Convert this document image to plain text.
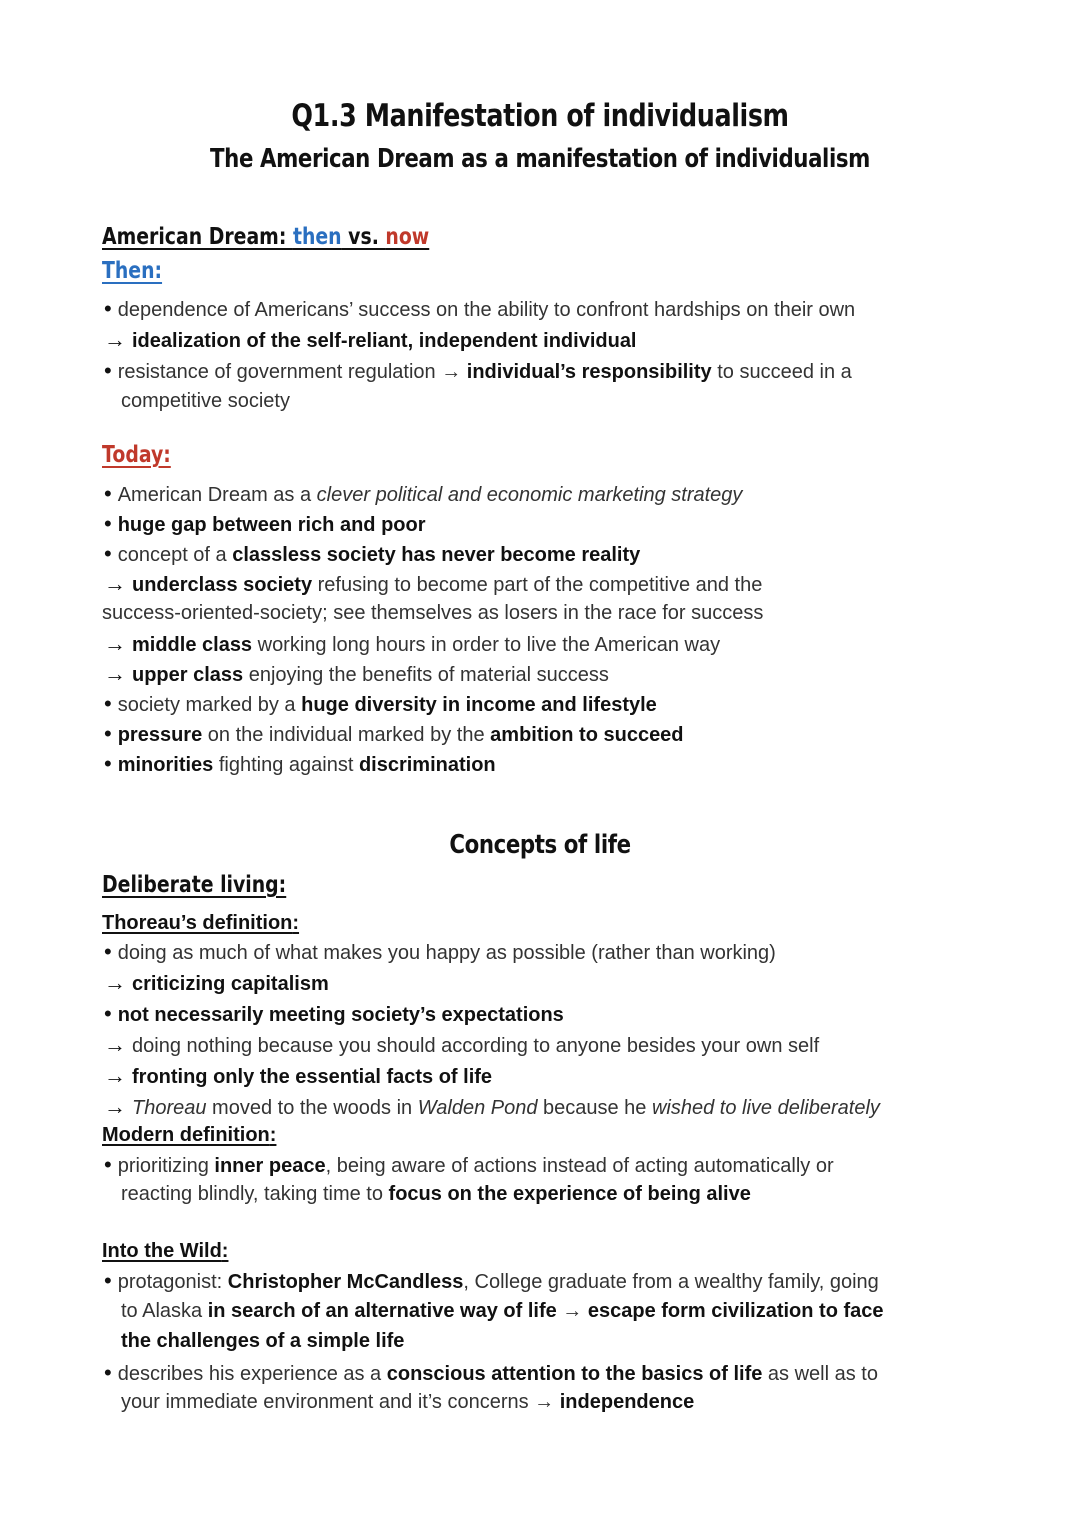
Q1.3 Manifestation of individualism
The American Dream as a manifestation of individualism
American Dream: then vs. now
Then:
• dependence of Americans’ success on the ability to confront hardships on their own
→ idealization of the self-reliant, independent individual
• resistance of government regulation → individual’s responsibility to succeed in a
competitive society
Today:
• American Dream as a clever political and economic marketing strategy
• huge gap between rich and poor
• concept of a classless society has never become reality
→ underclass society refusing to become part of the competitive and the
success-oriented-society; see themselves as losers in the race for success
→ middle class working long hours in order to live the American way
→ upper class enjoying the benefits of material success
• society marked by a huge diversity in income and lifestyle
• pressure on the individual marked by the ambition to succeed
• minorities fighting against discrimination
Concepts of life
Deliberate living:
Thoreau’s definition:
• doing as much of what makes you happy as possible (rather than working)
→ criticizing capitalism
• not necessarily meeting society’s expectations
→ doing nothing because you should according to anyone besides your own self
→ fronting only the essential facts of life
→ Thoreau moved to the woods in Walden Pond because he wished to live deliberately
Modern definition:
• prioritizing inner peace, being aware of actions instead of acting automatically or
reacting blindly, taking time to focus on the experience of being alive
Into the Wild:
• protagonist: Christopher McCandless, College graduate from a wealthy family, going
to Alaska in search of an alternative way of life → escape form civilization to face
the challenges of a simple life
• describes his experience as a conscious attention to the basics of life as well as to
your immediate environment and it’s concerns → independence
